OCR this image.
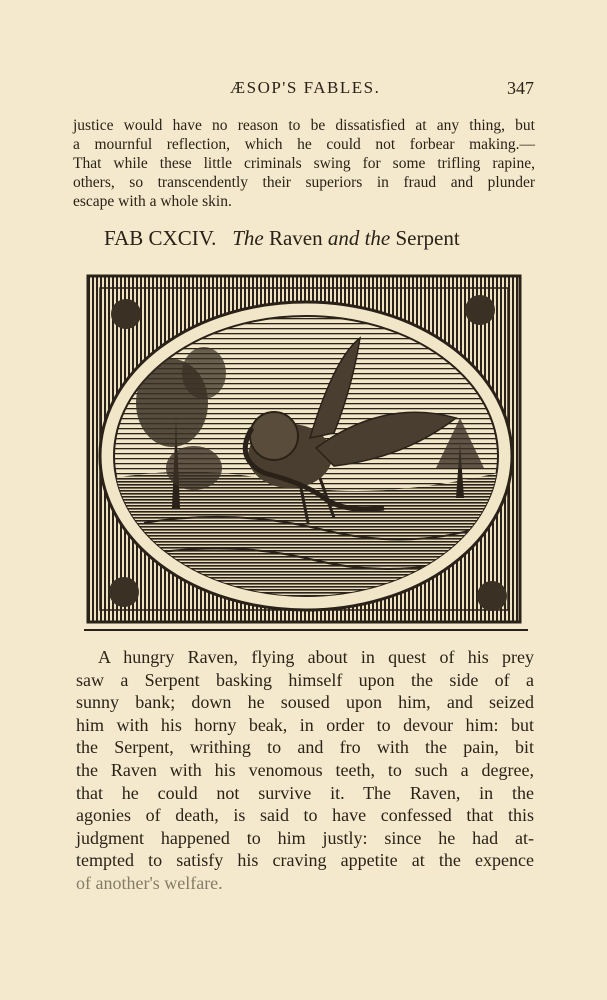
ÆSOP'S FABLES.	347
justice would have no reason to be dissatisfied at any thing, but
a mournful reflection, which he could not forbear making.—
That while these little criminals swing for some trifling rapine,
others, so transcendently their superiors in fraud and plunder
escape with a whole skin.
FAB CXCIV. The Raven and the Serpent
A hungry Raven, flying about in quest of his prey
saw a Serpent basking himself upon the side of a
sunny bank; down he soused upon him, and seized
him with his horny beak, in order to devour him: but
the Serpent, writhing to and fro with the pain, bit
the Raven with his venomous teeth, to such a degree,
that he could not survive it. The Raven, in the
agonies of death, is said to have confessed that this
judgment happened to him justly: since he had at-
tempted to satisfy his craving appetite at the expence
of another's welfare.
